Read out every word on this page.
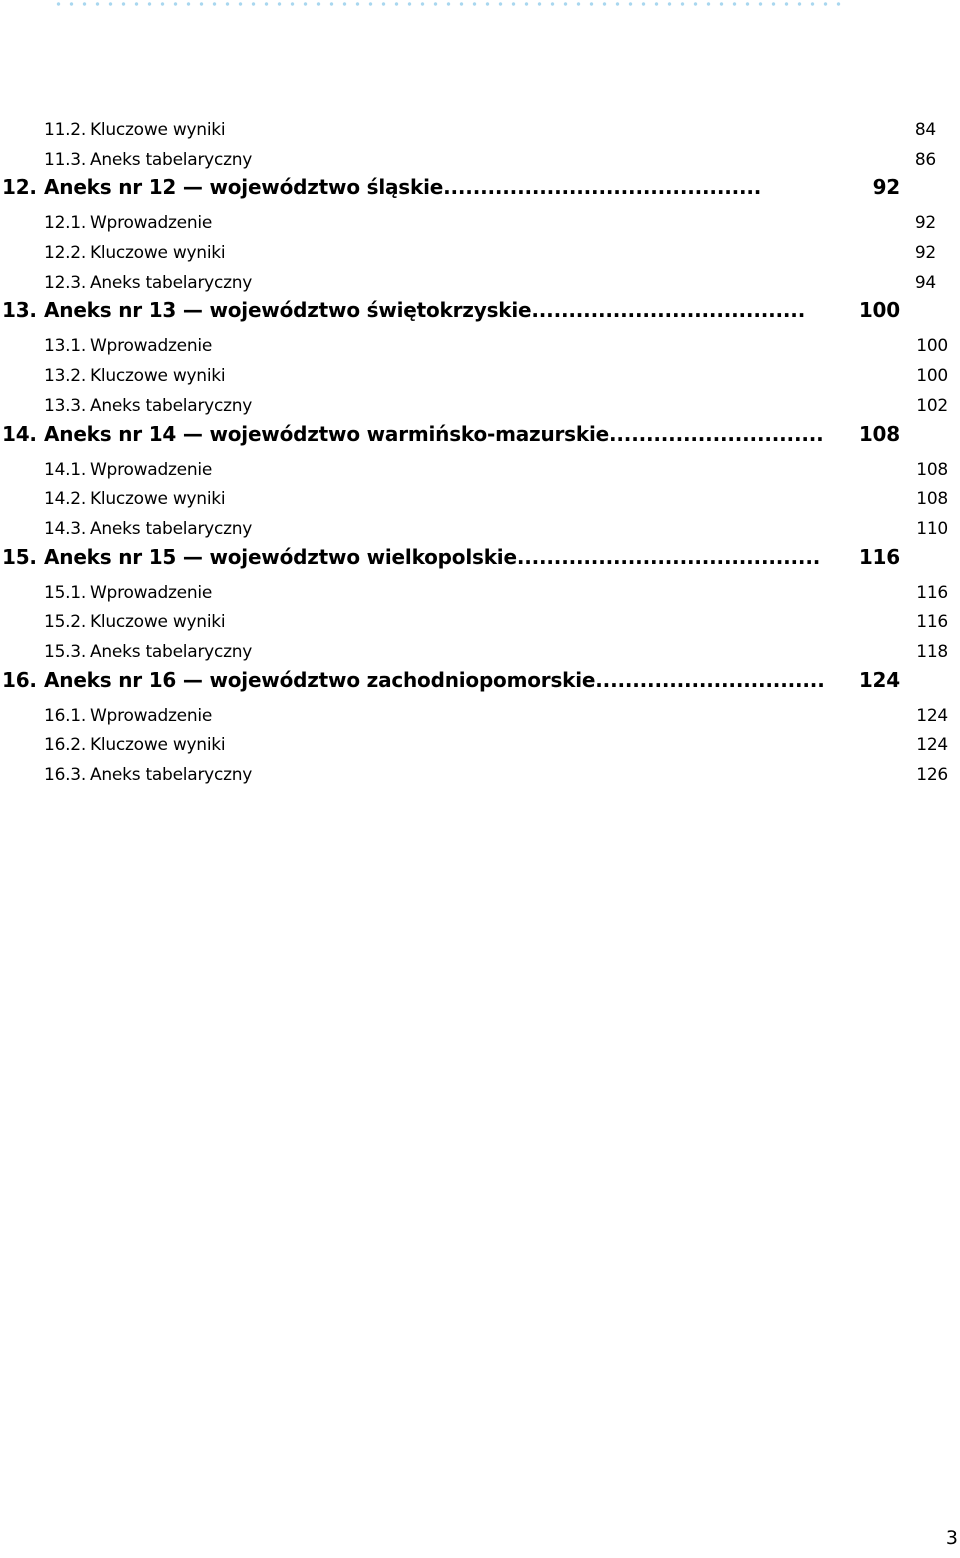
11.2. Kluczowe wyniki	84
11.3. Aneks tabelaryczny	86
12. Aneks nr 12 — województwo śląskie...........................................	92
12.1. Wprowadzenie	92
12.2. Kluczowe wyniki	92
12.3. Aneks tabelaryczny	94
13. Aneks nr 13 — województwo świętokrzyskie.....................................	100
13.1. Wprowadzenie	100
13.2. Kluczowe wyniki	100
13.3. Aneks tabelaryczny	102
14. Aneks nr 14 — województwo warmińsko-mazurskie.............................	108
14.1. Wprowadzenie	108
14.2. Kluczowe wyniki	108
14.3. Aneks tabelaryczny	110
15. Aneks nr 15 — województwo wielkopolskie.........................................	116
15.1. Wprowadzenie	116
15.2. Kluczowe wyniki	116
15.3. Aneks tabelaryczny	118
16. Aneks nr 16 — województwo zachodniopomorskie...............................	124
16.1. Wprowadzenie	124
16.2. Kluczowe wyniki	124
16.3. Aneks tabelaryczny	126
3
